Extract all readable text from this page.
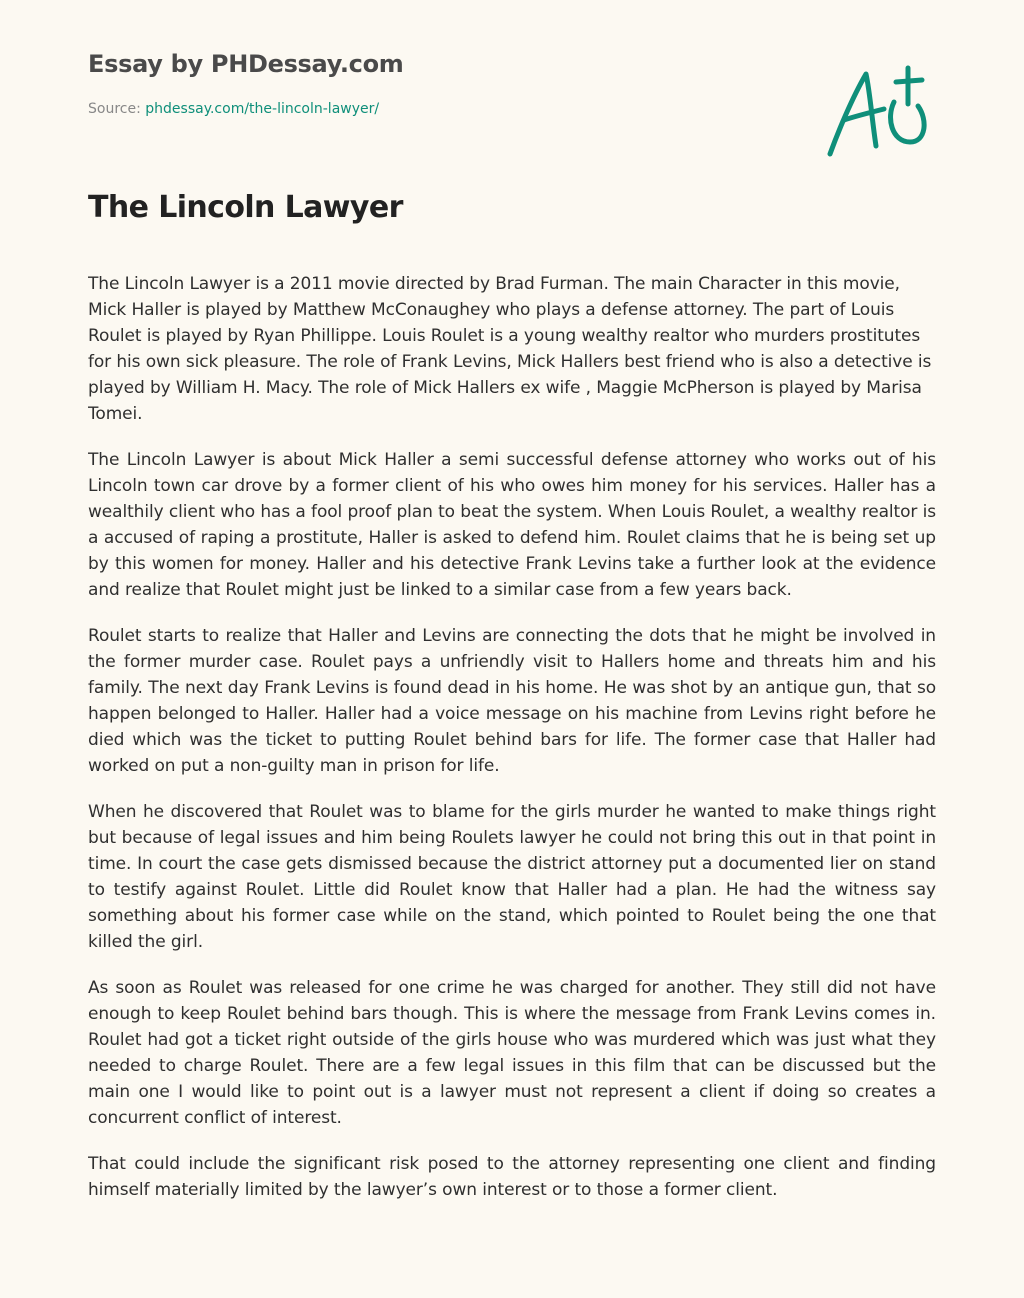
Essay by PHDessay.com
Source: phdessay.com/the-lincoln-lawyer/
The Lincoln Lawyer

The Lincoln Lawyer is a 2011 movie directed by Brad Furman. The main Character in this movie, Mick Haller is played by Matthew McConaughey who plays a defense attorney. The part of Louis Roulet is played by Ryan Phillippe. Louis Roulet is a young wealthy realtor who murders prostitutes for his own sick pleasure. The role of Frank Levins, Mick Hallers best friend who is also a detective is played by William H. Macy. The role of Mick Hallers ex wife , Maggie McPherson is played by Marisa Tomei.

The Lincoln Lawyer is about Mick Haller a semi successful defense attorney who works out of his Lincoln town car drove by a former client of his who owes him money for his services. Haller has a wealthily client who has a fool proof plan to beat the system. When Louis Roulet, a wealthy realtor is a accused of raping a prostitute, Haller is asked to defend him. Roulet claims that he is being set up by this women for money. Haller and his detective Frank Levins take a further look at the evidence and realize that Roulet might just be linked to a similar case from a few years back.

Roulet starts to realize that Haller and Levins are connecting the dots that he might be involved in the former murder case. Roulet pays a unfriendly visit to Hallers home and threats him and his family. The next day Frank Levins is found dead in his home. He was shot by an antique gun, that so happen belonged to Haller. Haller had a voice message on his machine from Levins right before he died which was the ticket to putting Roulet behind bars for life. The former case that Haller had worked on put a non-guilty man in prison for life.

When he discovered that Roulet was to blame for the girls murder he wanted to make things right but because of legal issues and him being Roulets lawyer he could not bring this out in that point in time. In court the case gets dismissed because the district attorney put a documented lier on stand to testify against Roulet. Little did Roulet know that Haller had a plan. He had the witness say something about his former case while on the stand, which pointed to Roulet being the one that killed the girl.

As soon as Roulet was released for one crime he was charged for another. They still did not have enough to keep Roulet behind bars though. This is where the message from Frank Levins comes in. Roulet had got a ticket right outside of the girls house who was murdered which was just what they needed to charge Roulet. There are a few legal issues in this film that can be discussed but the main one I would like to point out is a lawyer must not represent a client if doing so creates a concurrent conflict of interest.

That could include the significant risk posed to the attorney representing one client and finding himself materially limited by the lawyer’s own interest or to those a former client.
